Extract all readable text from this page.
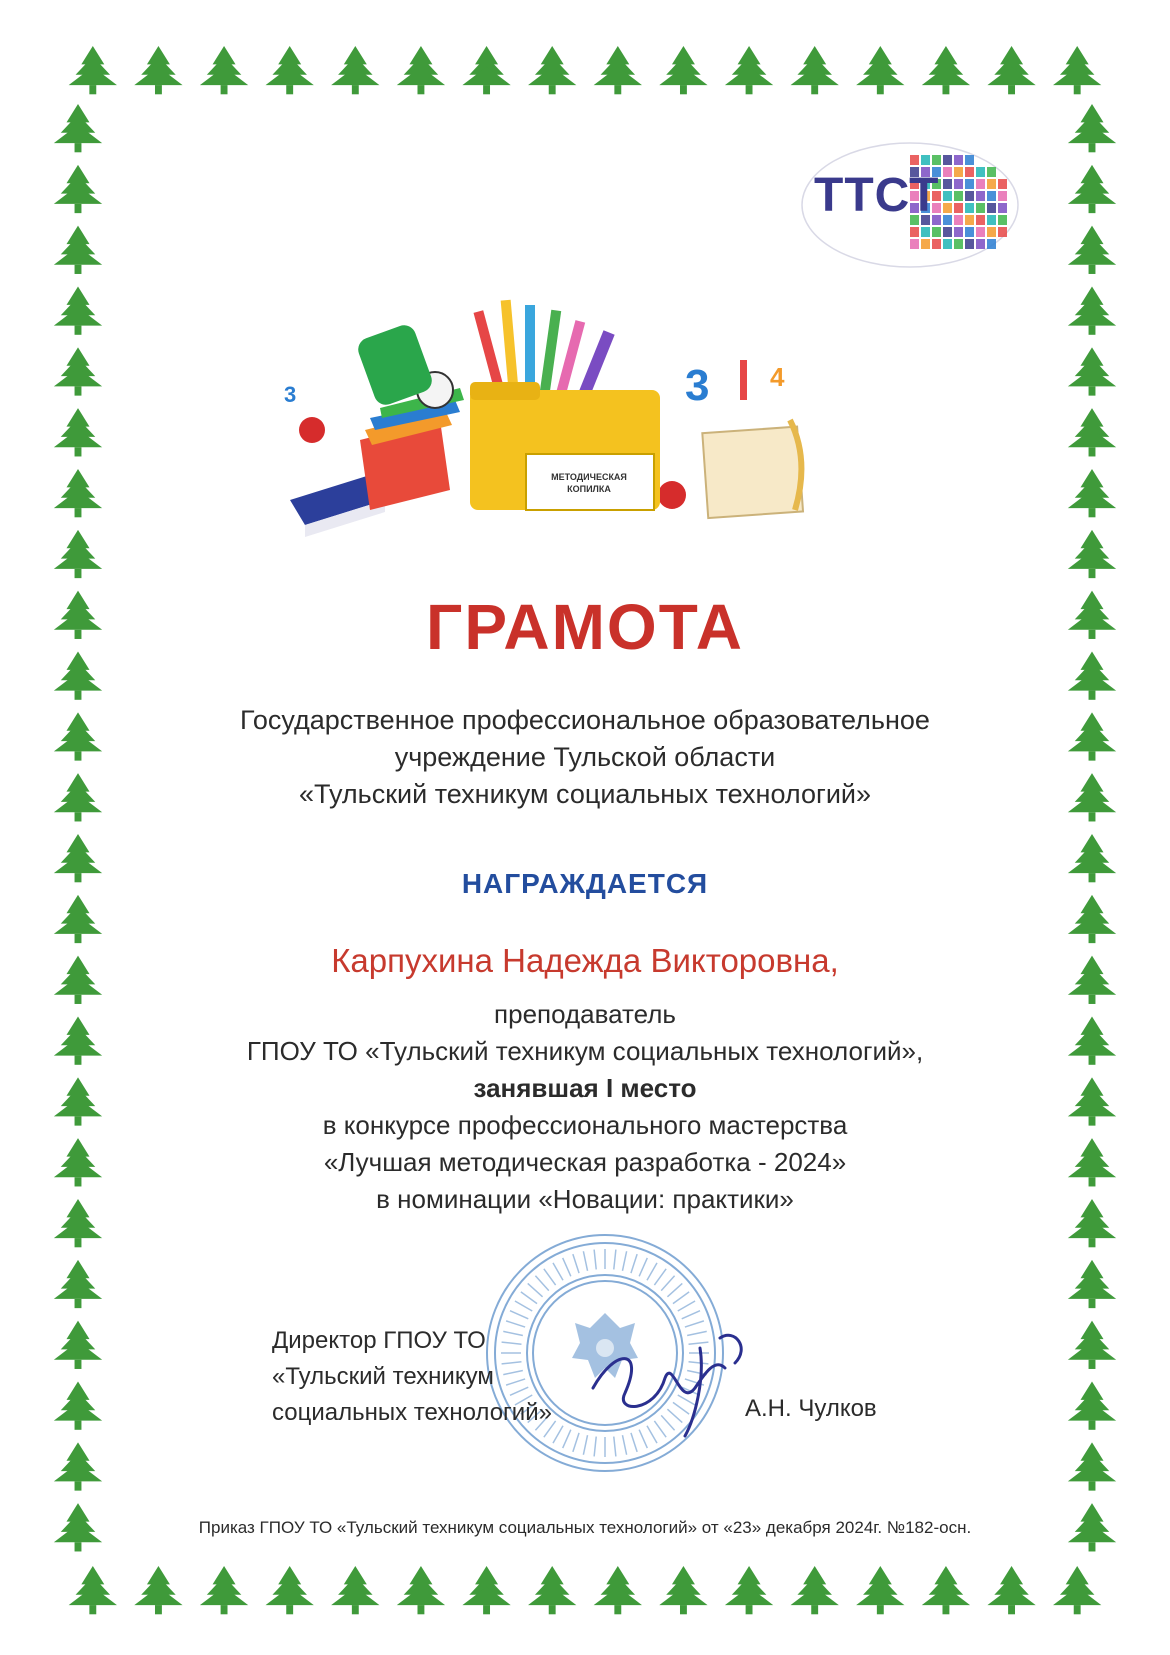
ТТСТ
3	3 4
МЕТОДИЧЕСКАЯ КОПИЛКА
ГРАМОТА
Государственное профессиональное образовательное
учреждение Тульской области
«Тульский техникум социальных технологий»
НАГРАЖДАЕТСЯ
Карпухина Надежда Викторовна,
преподаватель
ГПОУ ТО «Тульский техникум социальных технологий»,
занявшая I место
в конкурсе профессионального мастерства
«Лучшая методическая разработка - 2024»
в номинации «Новации: практики»
Директор ГПОУ ТО
«Тульский техникум
социальных технологий»	А.Н. Чулков
Приказ ГПОУ ТО «Тульский техникум социальных технологий» от «23» декабря 2024г. №182-осн.
